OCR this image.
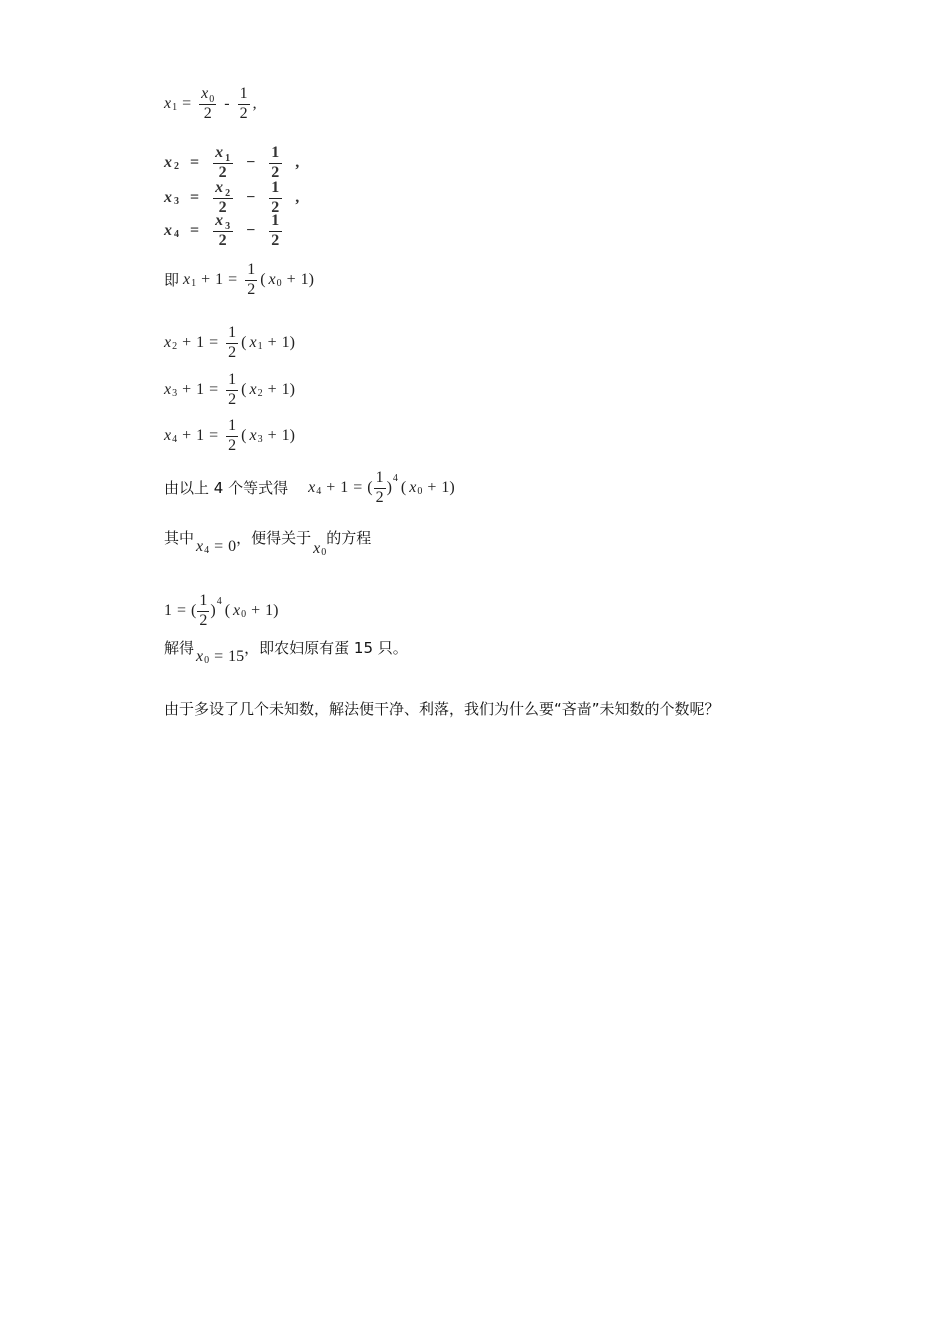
x $1 = \frac{x_0}{2} - \frac{1}{2}$ ,
x $2 = \frac{x_1}{2} - \frac{1}{2}$ ,
x $3 = \frac{x_2}{2} - \frac{1}{2}$ ,
x $4 = \frac{x_3}{2} - \frac{1}{2}$
即 x $1 + 1 = \frac{1}{2}$ ( x 0 + 1 )
x $2 + 1 = \frac{1}{2}$ ( x 1 + 1 )
x $3 + 1 = \frac{1}{2}$ ( x 2 + 1 )
x $4 + 1 = \frac{1}{2}$ ( x 3 + 1 )
由以上 4 个等式得 x 4 + 1 = ( $\frac{1}{2}$ )
4
( x 0 + 1 )
其中 x 4 = 0 ，便得关于
x 0
的方程
1 = ( $\frac{1}{2}$ )
4
( x 0 + 1 )
解得 x 0 = 15 ，即农妇原有蛋 15 只。
由于多设了几个未知数，解法便干净、利落，我们为什么要“吝啬”未知数的个数呢？
